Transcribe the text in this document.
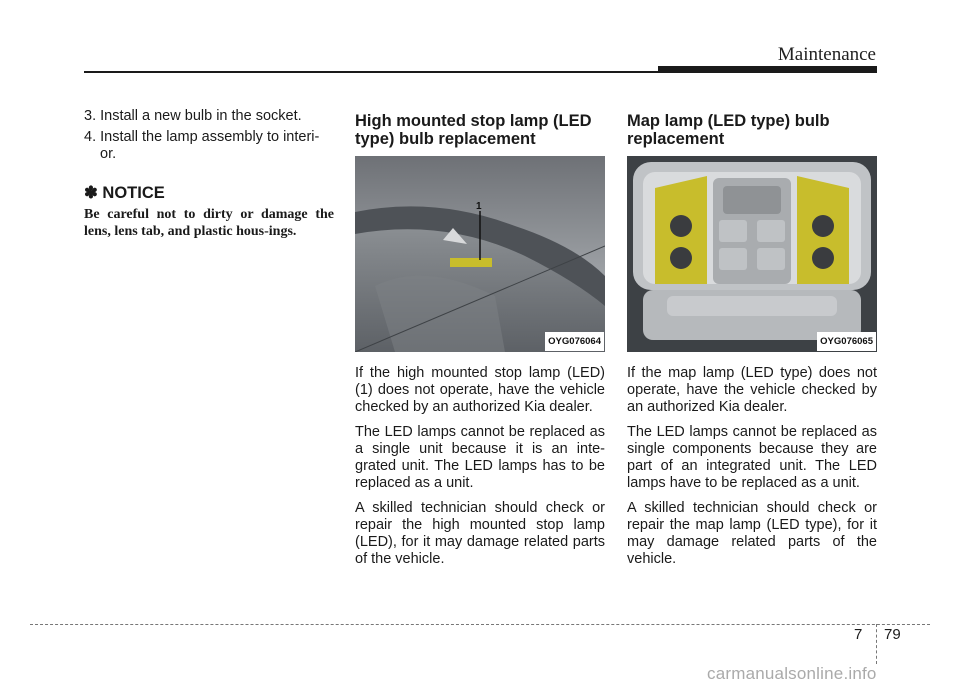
Maintenance

3. Install a new bulb in the socket.

4. Install the lamp assembly to interi-or.

✽ NOTICE

Be careful not to dirty or damage the lens, lens tab, and plastic hous-ings.

High mounted stop lamp (LED type) bulb replacement
1
OYG076064

If the high mounted stop lamp (LED) (1) does not operate, have the vehicle checked by an authorized Kia dealer.

The LED lamps cannot be replaced as a single unit because it is an inte-grated unit. The LED lamps has to be replaced as a unit.

A skilled technician should check or repair the high mounted stop lamp (LED), for it may damage related parts of the vehicle.

Map lamp (LED type) bulb replacement
OYG076065

If the map lamp (LED type) does not operate, have the vehicle checked by an authorized Kia dealer.

The LED lamps cannot be replaced as single components because they are part of an integrated unit. The LED lamps have to be replaced as a unit.

A skilled technician should check or repair the map lamp (LED type), for it may damage related parts of the vehicle.

7 79
carmanualsonline.info
